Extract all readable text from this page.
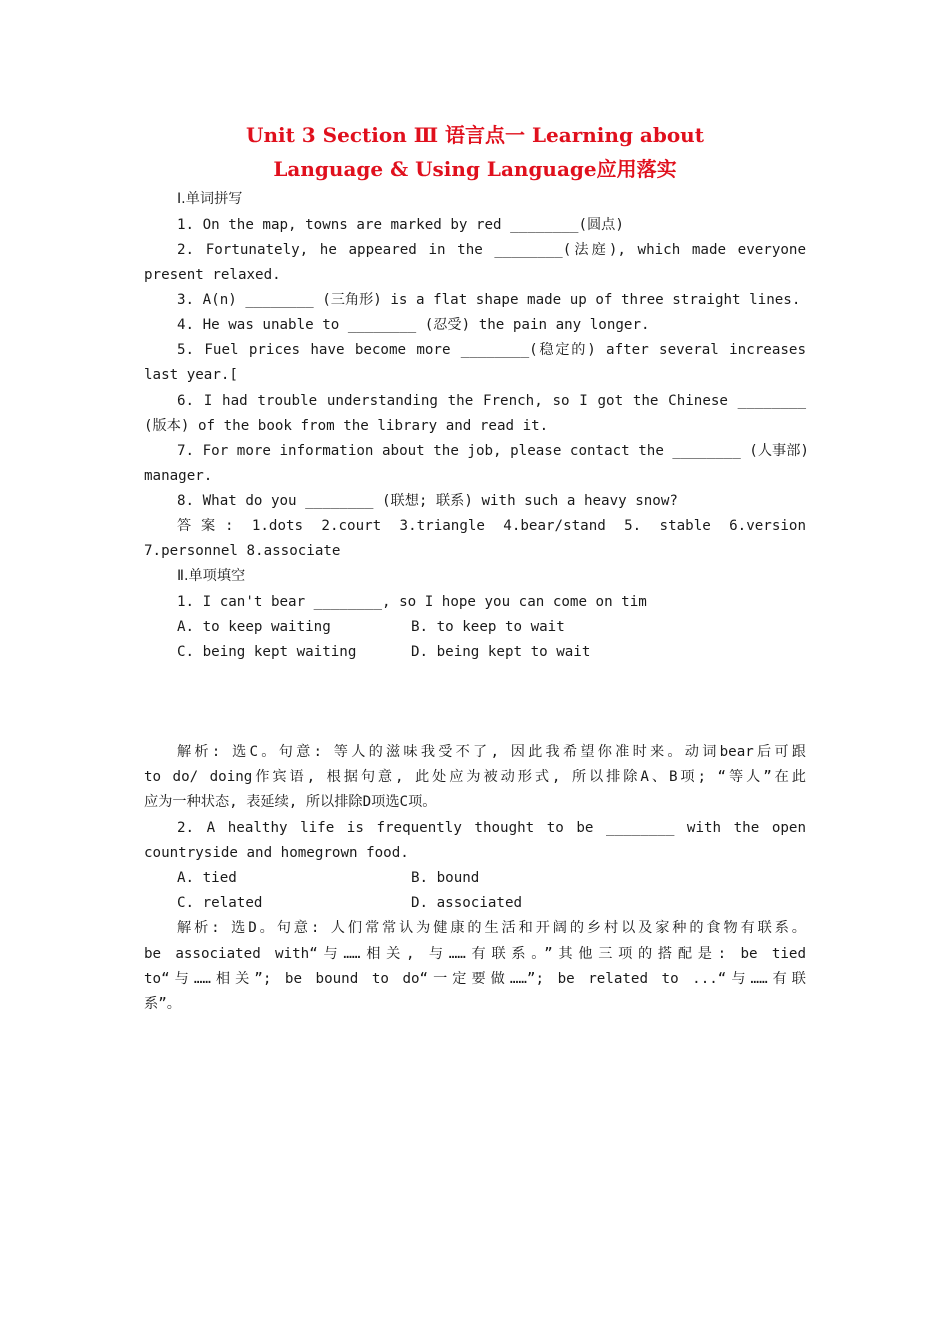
Unit 3 Section Ⅲ 语言点一 Learning about
Language & Using Language应用落实
Ⅰ.单词拼写
1. On the map, towns are marked by red ________(圆点)
2. Fortunately, he appeared in the ________(法庭), which made everyone
present relaxed.
3. A(n) ________ (三角形) is a flat shape made up of three straight lines.
4. He was unable to ________ (忍受) the pain any longer.
5. Fuel prices have become more ________(稳定的) after several increases
last year.[
6. I had trouble understanding the French, so I got the Chinese ________
(版本) of the book from the library and read it.
7. For more information about the job, please contact the ________ (人事部)
manager.
8. What do you ________ (联想; 联系) with such a heavy snow?
答案: 1.dots 2.court 3.triangle 4.bear/stand 5. stable 6.version
7.personnel 8.associate
Ⅱ.单项填空
1. I can't bear ________, so I hope you can come on tim
A. to keep waiting	B. to keep to wait
C. being kept waiting	D. being kept to wait
解析: 选C。句意: 等人的滋味我受不了, 因此我希望你准时来。动词bear后可跟
to do/ doing作宾语, 根据句意, 此处应为被动形式, 所以排除A、B项; “等人”在此
应为一种状态, 表延续, 所以排除D项选C项。
2. A healthy life is frequently thought to be ________ with the open
countryside and homegrown food.
A. tied	B. bound
C. related	D. associated
解析: 选D。句意: 人们常常认为健康的生活和开阔的乡村以及家种的食物有联系。
be associated with“与……相关, 与……有联系。”其他三项的搭配是: be tied
to“与……相关”; be bound to do“一定要做……”; be related to ...“与……有联
系”。
